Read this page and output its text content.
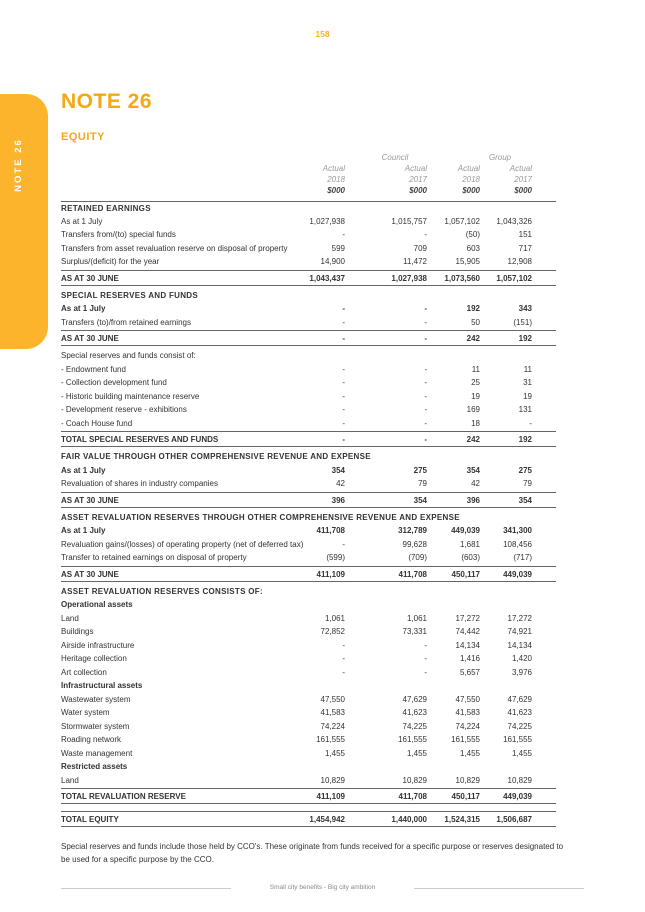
158
NOTE 26
NOTE 26
EQUITY
Council	Group
Actual	Actual	Actual	Actual
2018	2017	2018	2017
$000	$000	$000	$000
RETAINED EARNINGS
As at 1 July	1,027,938	1,015,757	1,057,102	1,043,326
Transfers from/(to) special funds	-	-	(50)	151
Transfers from asset revaluation reserve on disposal of property	599	709	603	717
Surplus/(deficit) for the year	14,900	11,472	15,905	12,908
AS AT 30 JUNE	1,043,437	1,027,938	1,073,560	1,057,102
SPECIAL RESERVES AND FUNDS
As at 1 July	-	-	192	343
Transfers (to)/from retained earnings	-	-	50	(151)
AS AT 30 JUNE	-	-	242	192
Special reserves and funds consist of:
- Endowment fund	-	-	11	11
- Collection development fund	-	-	25	31
- Historic building maintenance reserve	-	-	19	19
- Development reserve - exhibitions	-	-	169	131
- Coach House fund	-	-	18	-
TOTAL SPECIAL RESERVES AND FUNDS	-	-	242	192
FAIR VALUE THROUGH OTHER COMPREHENSIVE REVENUE AND EXPENSE
As at 1 July	354	275	354	275
Revaluation of shares in industry companies	42	79	42	79
AS AT 30 JUNE	396	354	396	354
ASSET REVALUATION RESERVES THROUGH OTHER COMPREHENSIVE REVENUE AND EXPENSE
As at 1 July	411,708	312,789	449,039	341,300
Revaluation gains/(losses) of operating property (net of deferred tax)	-	99,628	1,681	108,456
Transfer to retained earnings on disposal of property	(599)	(709)	(603)	(717)
AS AT 30 JUNE	411,109	411,708	450,117	449,039
ASSET REVALUATION RESERVES CONSISTS OF:
Operational assets
Land	1,061	1,061	17,272	17,272
Buildings	72,852	73,331	74,442	74,921
Airside infrastructure	-	-	14,134	14,134
Heritage collection	-	-	1,416	1,420
Art collection	-	-	5,657	3,976
Infrastructural assets
Wastewater system	47,550	47,629	47,550	47,629
Water system	41,583	41,623	41,583	41,623
Stormwater system	74,224	74,225	74,224	74,225
Roading network	161,555	161,555	161,555	161,555
Waste management	1,455	1,455	1,455	1,455
Restricted assets
Land	10,829	10,829	10,829	10,829
TOTAL REVALUATION RESERVE	411,109	411,708	450,117	449,039
TOTAL EQUITY	1,454,942	1,440,000	1,524,315	1,506,687
Special reserves and funds include those held by CCO's. These originate from funds received for a specific purpose or reserves designated to be used for a specific purpose by the CCO.
Small city benefits - Big city ambition
